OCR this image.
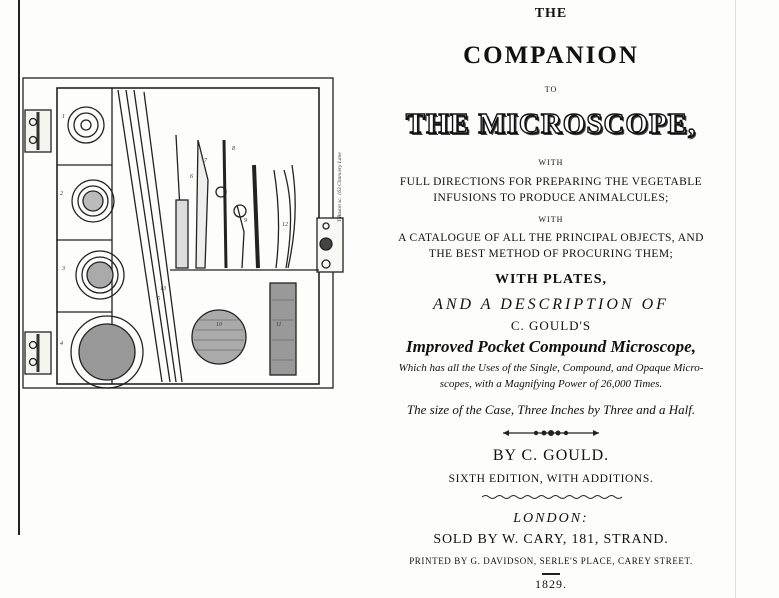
T.Bason sc. 163 Chancery Lane
1
2
3
4
5
6
7
8
9
10	11
12
13
THE
COMPANION
TO
THE MICROSCOPE,
WITH
FULL DIRECTIONS FOR PREPARING THE VEGETABLE
INFUSIONS TO PRODUCE ANIMALCULES;
WITH
A CATALOGUE OF ALL THE PRINCIPAL OBJECTS, AND
THE BEST METHOD OF PROCURING THEM;
WITH PLATES,
AND A DESCRIPTION OF
C. GOULD'S
Improved Pocket Compound Microscope,
Which has all the Uses of the Single, Compound, and Opaque Micro-
scopes, with a Magnifying Power of 26,000 Times.
The size of the Case, Three Inches by Three and a Half.
BY C. GOULD.
SIXTH EDITION, WITH ADDITIONS.
LONDON:
SOLD BY W. CARY, 181, STRAND.
PRINTED BY G. DAVIDSON, SERLE'S PLACE, CAREY STREET.
1829.
